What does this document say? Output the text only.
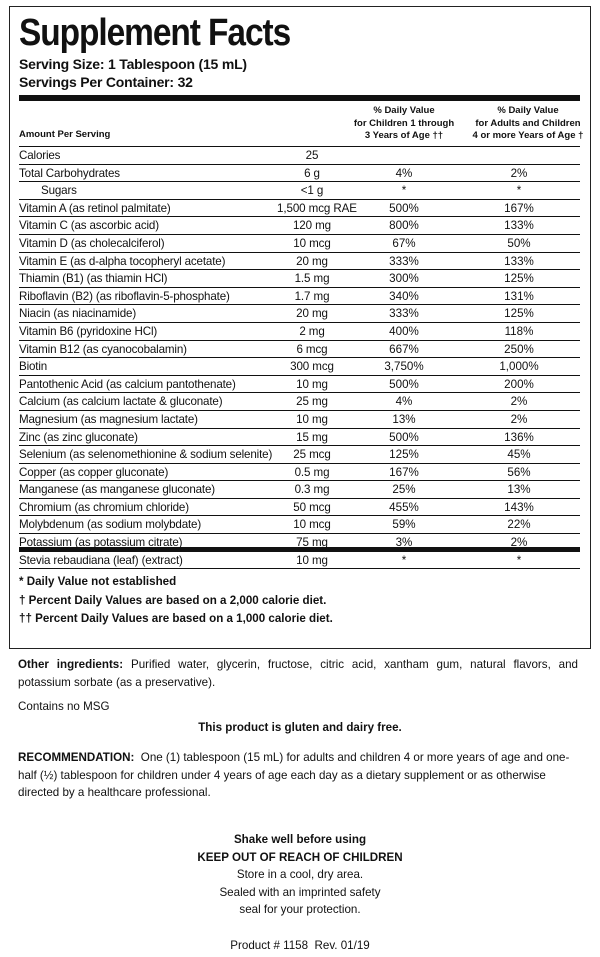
Supplement Facts
Serving Size: 1 Tablespoon (15 mL)
Servings Per Container: 32
Amount Per Serving
% Daily Value
for Children 1 through
3 Years of Age ††
% Daily Value
for Adults and Children
4 or more Years of Age †
Calories	25
Total Carbohydrates	6 g	4%	2%
Sugars	<1 g	*	*
Vitamin A (as retinol palmitate)	1,500 mcg RAE	500%	167%
Vitamin C (as ascorbic acid)	120 mg	800%	133%
Vitamin D (as cholecalciferol)	10 mcg	67%	50%
Vitamin E (as d-alpha tocopheryl acetate)	20 mg	333%	133%
Thiamin (B1) (as thiamin HCl)	1.5 mg	300%	125%
Riboflavin (B2) (as riboflavin-5-phosphate)	1.7 mg	340%	131%
Niacin (as niacinamide)	20 mg	333%	125%
Vitamin B6 (pyridoxine HCl)	2 mg	400%	118%
Vitamin B12 (as cyanocobalamin)	6 mcg	667%	250%
Biotin	300 mcg	3,750%	1,000%
Pantothenic Acid (as calcium pantothenate)	10 mg	500%	200%
Calcium (as calcium lactate & gluconate)	25 mg	4%	2%
Magnesium (as magnesium lactate)	10 mg	13%	2%
Zinc (as zinc gluconate)	15 mg	500%	136%
Selenium (as selenomethionine & sodium selenite)	25 mcg	125%	45%
Copper (as copper gluconate)	0.5 mg	167%	56%
Manganese (as manganese gluconate)	0.3 mg	25%	13%
Chromium (as chromium chloride)	50 mcg	455%	143%
Molybdenum (as sodium molybdate)	10 mcg	59%	22%
Potassium (as potassium citrate)	75 mg	3%	2%
Stevia rebaudiana (leaf) (extract)	10 mg	*	*
* Daily Value not established
† Percent Daily Values are based on a 2,000 calorie diet.
†† Percent Daily Values are based on a 1,000 calorie diet.
Other ingredients: Purified water, glycerin, fructose, citric acid, xantham gum, natural flavors, and potassium sorbate (as a preservative).
Contains no MSG
This product is gluten and dairy free.
RECOMMENDATION:  One (1) tablespoon (15 mL) for adults and children 4 or more years of age and one-half (½) tablespoon for children under 4 years of age each day as a dietary supplement or as otherwise directed by a healthcare professional.
Shake well before using
KEEP OUT OF REACH OF CHILDREN
Store in a cool, dry area.
Sealed with an imprinted safety
seal for your protection.
Product # 1158  Rev. 01/19
